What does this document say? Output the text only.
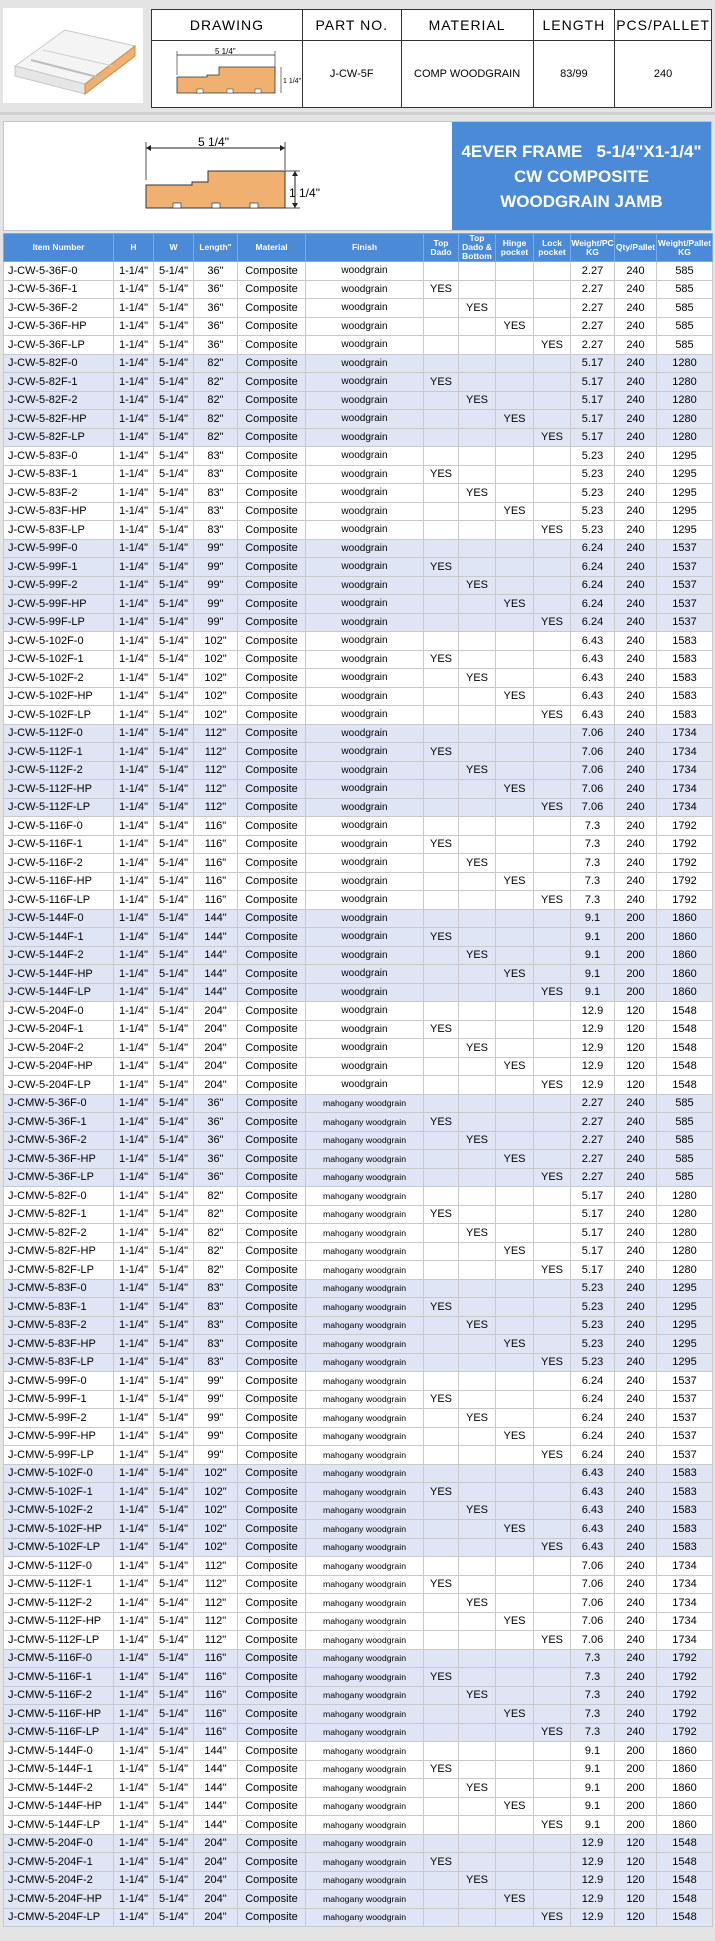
DRAWING	PART NO.	MATERIAL	LENGTH	PCS/PALLET

5 1/4"
1 1/4"	J-CW-5F	COMP WOODGRAIN	83/99	240
5 1/4"
1 1/4"
4EVER FRAME   5-1/4"X1-1/4"
CW COMPOSITE
WOODGRAIN JAMB
Item Number	H	W	Length"	Material	Finish	Top Dado	Top Dado & Bottom	Hinge pocket	Lock pocket	Weight/PC KG	Qty/Pallet	Weight/Pallet KG
J-CW-5-36F-0	1-1/4"	5-1/4"	36"	Composite	woodgrain					2.27	240	585
J-CW-5-36F-1	1-1/4"	5-1/4"	36"	Composite	woodgrain	YES				2.27	240	585
J-CW-5-36F-2	1-1/4"	5-1/4"	36"	Composite	woodgrain		YES			2.27	240	585
J-CW-5-36F-HP	1-1/4"	5-1/4"	36"	Composite	woodgrain			YES		2.27	240	585
J-CW-5-36F-LP	1-1/4"	5-1/4"	36"	Composite	woodgrain				YES	2.27	240	585
J-CW-5-82F-0	1-1/4"	5-1/4"	82"	Composite	woodgrain					5.17	240	1280
J-CW-5-82F-1	1-1/4"	5-1/4"	82"	Composite	woodgrain	YES				5.17	240	1280
J-CW-5-82F-2	1-1/4"	5-1/4"	82"	Composite	woodgrain		YES			5.17	240	1280
J-CW-5-82F-HP	1-1/4"	5-1/4"	82"	Composite	woodgrain			YES		5.17	240	1280
J-CW-5-82F-LP	1-1/4"	5-1/4"	82"	Composite	woodgrain				YES	5.17	240	1280
J-CW-5-83F-0	1-1/4"	5-1/4"	83"	Composite	woodgrain					5.23	240	1295
J-CW-5-83F-1	1-1/4"	5-1/4"	83"	Composite	woodgrain	YES				5.23	240	1295
J-CW-5-83F-2	1-1/4"	5-1/4"	83"	Composite	woodgrain		YES			5.23	240	1295
J-CW-5-83F-HP	1-1/4"	5-1/4"	83"	Composite	woodgrain			YES		5.23	240	1295
J-CW-5-83F-LP	1-1/4"	5-1/4"	83"	Composite	woodgrain				YES	5.23	240	1295
J-CW-5-99F-0	1-1/4"	5-1/4"	99"	Composite	woodgrain					6.24	240	1537
J-CW-5-99F-1	1-1/4"	5-1/4"	99"	Composite	woodgrain	YES				6.24	240	1537
J-CW-5-99F-2	1-1/4"	5-1/4"	99"	Composite	woodgrain		YES			6.24	240	1537
J-CW-5-99F-HP	1-1/4"	5-1/4"	99"	Composite	woodgrain			YES		6.24	240	1537
J-CW-5-99F-LP	1-1/4"	5-1/4"	99"	Composite	woodgrain				YES	6.24	240	1537
J-CW-5-102F-0	1-1/4"	5-1/4"	102"	Composite	woodgrain					6.43	240	1583
J-CW-5-102F-1	1-1/4"	5-1/4"	102"	Composite	woodgrain	YES				6.43	240	1583
J-CW-5-102F-2	1-1/4"	5-1/4"	102"	Composite	woodgrain		YES			6.43	240	1583
J-CW-5-102F-HP	1-1/4"	5-1/4"	102"	Composite	woodgrain			YES		6.43	240	1583
J-CW-5-102F-LP	1-1/4"	5-1/4"	102"	Composite	woodgrain				YES	6.43	240	1583
J-CW-5-112F-0	1-1/4"	5-1/4"	112"	Composite	woodgrain					7.06	240	1734
J-CW-5-112F-1	1-1/4"	5-1/4"	112"	Composite	woodgrain	YES				7.06	240	1734
J-CW-5-112F-2	1-1/4"	5-1/4"	112"	Composite	woodgrain		YES			7.06	240	1734
J-CW-5-112F-HP	1-1/4"	5-1/4"	112"	Composite	woodgrain			YES		7.06	240	1734
J-CW-5-112F-LP	1-1/4"	5-1/4"	112"	Composite	woodgrain				YES	7.06	240	1734
J-CW-5-116F-0	1-1/4"	5-1/4"	116"	Composite	woodgrain					7.3	240	1792
J-CW-5-116F-1	1-1/4"	5-1/4"	116"	Composite	woodgrain	YES				7.3	240	1792
J-CW-5-116F-2	1-1/4"	5-1/4"	116"	Composite	woodgrain		YES			7.3	240	1792
J-CW-5-116F-HP	1-1/4"	5-1/4"	116"	Composite	woodgrain			YES		7.3	240	1792
J-CW-5-116F-LP	1-1/4"	5-1/4"	116"	Composite	woodgrain				YES	7.3	240	1792
J-CW-5-144F-0	1-1/4"	5-1/4"	144"	Composite	woodgrain					9.1	200	1860
J-CW-5-144F-1	1-1/4"	5-1/4"	144"	Composite	woodgrain	YES				9.1	200	1860
J-CW-5-144F-2	1-1/4"	5-1/4"	144"	Composite	woodgrain		YES			9.1	200	1860
J-CW-5-144F-HP	1-1/4"	5-1/4"	144"	Composite	woodgrain			YES		9.1	200	1860
J-CW-5-144F-LP	1-1/4"	5-1/4"	144"	Composite	woodgrain				YES	9.1	200	1860
J-CW-5-204F-0	1-1/4"	5-1/4"	204"	Composite	woodgrain					12.9	120	1548
J-CW-5-204F-1	1-1/4"	5-1/4"	204"	Composite	woodgrain	YES				12.9	120	1548
J-CW-5-204F-2	1-1/4"	5-1/4"	204"	Composite	woodgrain		YES			12.9	120	1548
J-CW-5-204F-HP	1-1/4"	5-1/4"	204"	Composite	woodgrain			YES		12.9	120	1548
J-CW-5-204F-LP	1-1/4"	5-1/4"	204"	Composite	woodgrain				YES	12.9	120	1548
J-CMW-5-36F-0	1-1/4"	5-1/4"	36"	Composite	mahogany woodgrain					2.27	240	585
J-CMW-5-36F-1	1-1/4"	5-1/4"	36"	Composite	mahogany woodgrain	YES				2.27	240	585
J-CMW-5-36F-2	1-1/4"	5-1/4"	36"	Composite	mahogany woodgrain		YES			2.27	240	585
J-CMW-5-36F-HP	1-1/4"	5-1/4"	36"	Composite	mahogany woodgrain			YES		2.27	240	585
J-CMW-5-36F-LP	1-1/4"	5-1/4"	36"	Composite	mahogany woodgrain				YES	2.27	240	585
J-CMW-5-82F-0	1-1/4"	5-1/4"	82"	Composite	mahogany woodgrain					5.17	240	1280
J-CMW-5-82F-1	1-1/4"	5-1/4"	82"	Composite	mahogany woodgrain	YES				5.17	240	1280
J-CMW-5-82F-2	1-1/4"	5-1/4"	82"	Composite	mahogany woodgrain		YES			5.17	240	1280
J-CMW-5-82F-HP	1-1/4"	5-1/4"	82"	Composite	mahogany woodgrain			YES		5.17	240	1280
J-CMW-5-82F-LP	1-1/4"	5-1/4"	82"	Composite	mahogany woodgrain				YES	5.17	240	1280
J-CMW-5-83F-0	1-1/4"	5-1/4"	83"	Composite	mahogany woodgrain					5.23	240	1295
J-CMW-5-83F-1	1-1/4"	5-1/4"	83"	Composite	mahogany woodgrain	YES				5.23	240	1295
J-CMW-5-83F-2	1-1/4"	5-1/4"	83"	Composite	mahogany woodgrain		YES			5.23	240	1295
J-CMW-5-83F-HP	1-1/4"	5-1/4"	83"	Composite	mahogany woodgrain			YES		5.23	240	1295
J-CMW-5-83F-LP	1-1/4"	5-1/4"	83"	Composite	mahogany woodgrain				YES	5.23	240	1295
J-CMW-5-99F-0	1-1/4"	5-1/4"	99"	Composite	mahogany woodgrain					6.24	240	1537
J-CMW-5-99F-1	1-1/4"	5-1/4"	99"	Composite	mahogany woodgrain	YES				6.24	240	1537
J-CMW-5-99F-2	1-1/4"	5-1/4"	99"	Composite	mahogany woodgrain		YES			6.24	240	1537
J-CMW-5-99F-HP	1-1/4"	5-1/4"	99"	Composite	mahogany woodgrain			YES		6.24	240	1537
J-CMW-5-99F-LP	1-1/4"	5-1/4"	99"	Composite	mahogany woodgrain				YES	6.24	240	1537
J-CMW-5-102F-0	1-1/4"	5-1/4"	102"	Composite	mahogany woodgrain					6.43	240	1583
J-CMW-5-102F-1	1-1/4"	5-1/4"	102"	Composite	mahogany woodgrain	YES				6.43	240	1583
J-CMW-5-102F-2	1-1/4"	5-1/4"	102"	Composite	mahogany woodgrain		YES			6.43	240	1583
J-CMW-5-102F-HP	1-1/4"	5-1/4"	102"	Composite	mahogany woodgrain			YES		6.43	240	1583
J-CMW-5-102F-LP	1-1/4"	5-1/4"	102"	Composite	mahogany woodgrain				YES	6.43	240	1583
J-CMW-5-112F-0	1-1/4"	5-1/4"	112"	Composite	mahogany woodgrain					7.06	240	1734
J-CMW-5-112F-1	1-1/4"	5-1/4"	112"	Composite	mahogany woodgrain	YES				7.06	240	1734
J-CMW-5-112F-2	1-1/4"	5-1/4"	112"	Composite	mahogany woodgrain		YES			7.06	240	1734
J-CMW-5-112F-HP	1-1/4"	5-1/4"	112"	Composite	mahogany woodgrain			YES		7.06	240	1734
J-CMW-5-112F-LP	1-1/4"	5-1/4"	112"	Composite	mahogany woodgrain				YES	7.06	240	1734
J-CMW-5-116F-0	1-1/4"	5-1/4"	116"	Composite	mahogany woodgrain					7.3	240	1792
J-CMW-5-116F-1	1-1/4"	5-1/4"	116"	Composite	mahogany woodgrain	YES				7.3	240	1792
J-CMW-5-116F-2	1-1/4"	5-1/4"	116"	Composite	mahogany woodgrain		YES			7.3	240	1792
J-CMW-5-116F-HP	1-1/4"	5-1/4"	116"	Composite	mahogany woodgrain			YES		7.3	240	1792
J-CMW-5-116F-LP	1-1/4"	5-1/4"	116"	Composite	mahogany woodgrain				YES	7.3	240	1792
J-CMW-5-144F-0	1-1/4"	5-1/4"	144"	Composite	mahogany woodgrain					9.1	200	1860
J-CMW-5-144F-1	1-1/4"	5-1/4"	144"	Composite	mahogany woodgrain	YES				9.1	200	1860
J-CMW-5-144F-2	1-1/4"	5-1/4"	144"	Composite	mahogany woodgrain		YES			9.1	200	1860
J-CMW-5-144F-HP	1-1/4"	5-1/4"	144"	Composite	mahogany woodgrain			YES		9.1	200	1860
J-CMW-5-144F-LP	1-1/4"	5-1/4"	144"	Composite	mahogany woodgrain				YES	9.1	200	1860
J-CMW-5-204F-0	1-1/4"	5-1/4"	204"	Composite	mahogany woodgrain					12.9	120	1548
J-CMW-5-204F-1	1-1/4"	5-1/4"	204"	Composite	mahogany woodgrain	YES				12.9	120	1548
J-CMW-5-204F-2	1-1/4"	5-1/4"	204"	Composite	mahogany woodgrain		YES			12.9	120	1548
J-CMW-5-204F-HP	1-1/4"	5-1/4"	204"	Composite	mahogany woodgrain			YES		12.9	120	1548
J-CMW-5-204F-LP	1-1/4"	5-1/4"	204"	Composite	mahogany woodgrain				YES	12.9	120	1548
